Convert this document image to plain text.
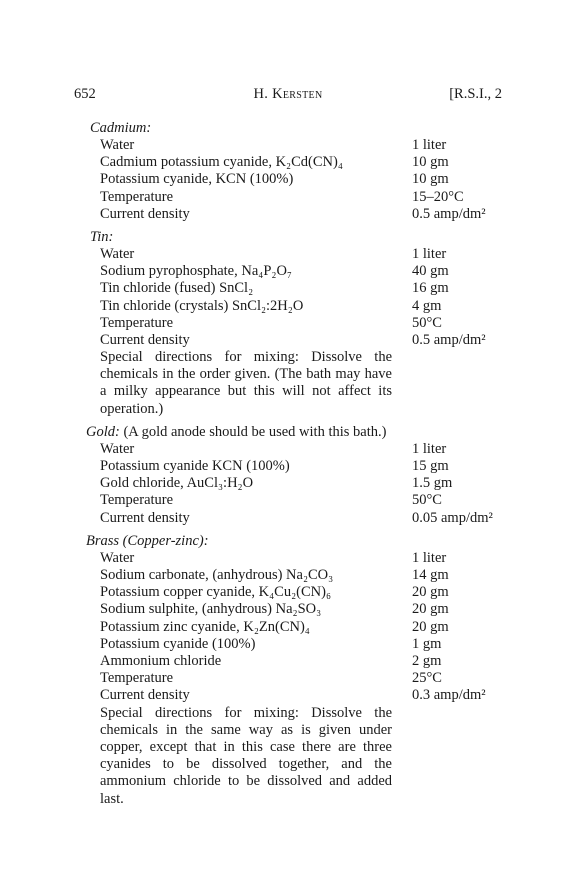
652	H. Kersten	[R.S.I., 2
Cadmium:
Water . . .	1 liter
Cadmium potassium cyanide, K₂Cd(CN)₄ . . .	10 gm
Potassium cyanide, KCN (100%) . . .	10 gm
Temperature . . .	15–20°C
Current density . . .	0.5 amp/dm²
Tin:
Water . . .	1 liter
Sodium pyrophosphate, Na₄P₂O₇ . . .	40 gm
Tin chloride (fused) SnCl₂ . . .	16 gm
Tin chloride (crystals) SnCl₂:2H₂O . . .	4 gm
Temperature . . .	50°C
Current density . . .	0.5 amp/dm²
Special directions for mixing: Dissolve the chemicals in the order given. (The bath may have a milky appearance but this will not affect its operation.)
Gold: (A gold anode should be used with this bath.)
Water . . .	1 liter
Potassium cyanide KCN (100%) . . .	15 gm
Gold chloride, AuCl₃:H₂O . . .	1.5 gm
Temperature . . .	50°C
Current density . . .	0.05 amp/dm²
Brass (Copper-zinc):
Water . . .	1 liter
Sodium carbonate, (anhydrous) Na₂CO₃ . . .	14 gm
Potassium copper cyanide, K₄Cu₂(CN)₆ . . .	20 gm
Sodium sulphite, (anhydrous) Na₂SO₃ . . .	20 gm
Potassium zinc cyanide, K₂Zn(CN)₄ . . .	20 gm
Potassium cyanide (100%) . . .	1 gm
Ammonium chloride . . .	2 gm
Temperature . . .	25°C
Current density . . .	0.3 amp/dm²
Special directions for mixing: Dissolve the chemicals in the same way as is given under copper, except that in this case there are three cyanides to be dissolved together, and the ammonium chloride to be dissolved and added last.
